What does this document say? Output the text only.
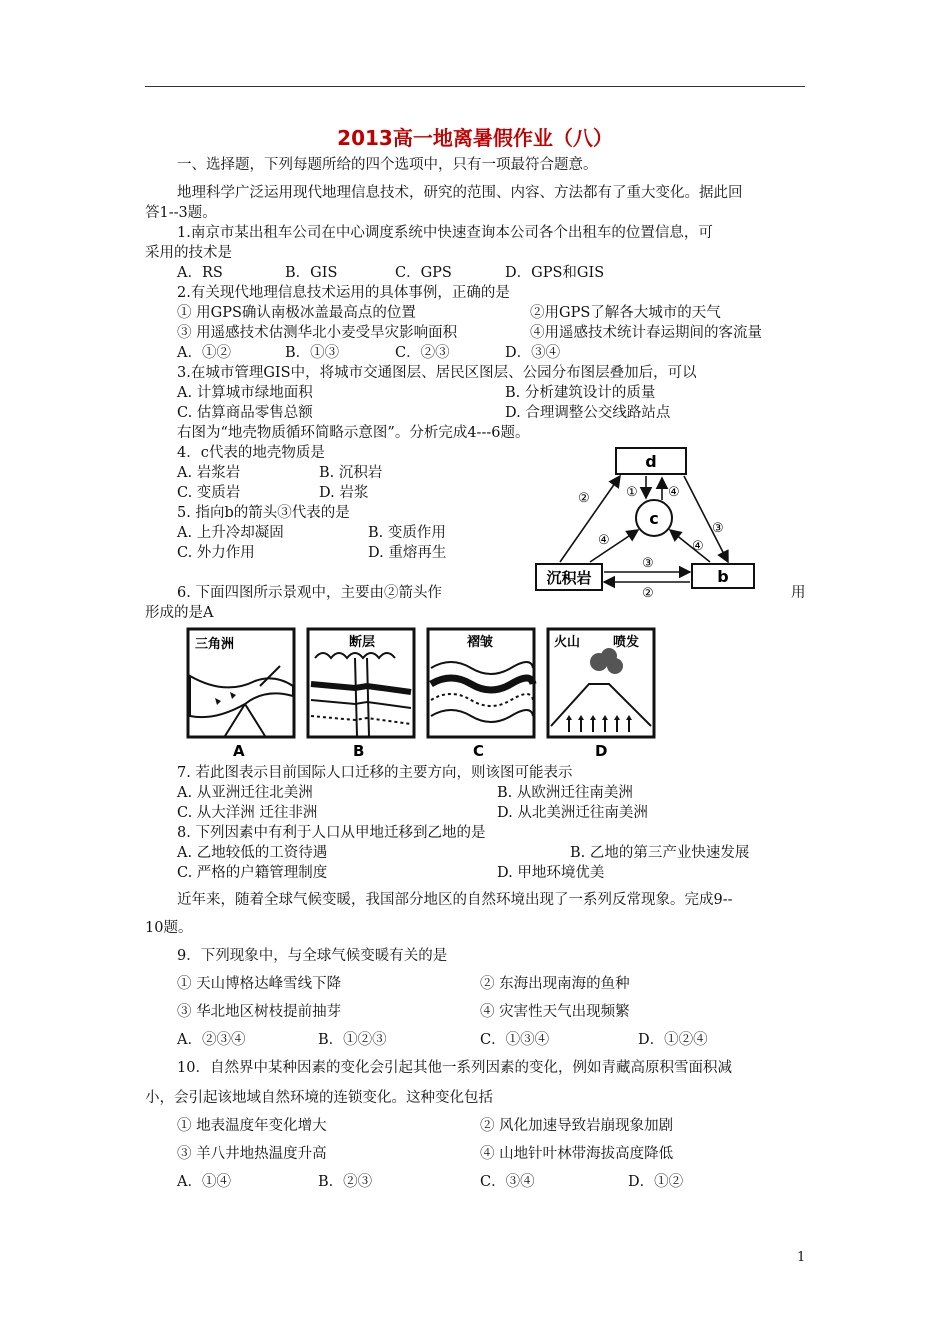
2013高一地离暑假作业（八）
一、选择题，下列每题所给的四个选项中，只有一项最符合题意。
地理科学广泛运用现代地理信息技术，研究的范围、内容、方法都有了重大变化。据此回
答1--3题。
1.南京市某出租车公司在中心调度系统中快速查询本公司各个出租车的位置信息，可
采用的技术是
A．RS	B．GIS	C．GPS	D．GPS和GIS
2.有关现代地理信息技术运用的具体事例，正确的是
① 用GPS确认南极冰盖最高点的位置	②用GPS了解各大城市的天气
③ 用遥感技术估测华北小麦受旱灾影响面积	④用遥感技术统计春运期间的客流量
A．①②	B．①③	C．②③	D．③④
3.在城市管理GIS中，将城市交通图层、居民区图层、公园分布图层叠加后，可以
A. 计算城市绿地面积	B. 分析建筑设计的质量
C. 估算商品零售总额	D. 合理调整公交线路站点
右图为“地壳物质循环简略示意图”。分析完成4---6题。
4．c代表的地壳物质是
A. 岩浆岩	B. 沉积岩
C. 变质岩	D. 岩浆
5. 指向b的箭头③代表的是
A. 上升冷却凝固	B. 变质作用
C. 外力作用	D. 重熔再生
6. 下面四图所示景观中，主要由②箭头作	用
形成的是A
7. 若此图表示目前国际人口迁移的主要方向，则该图可能表示
A. 从亚洲迁往北美洲	B. 从欧洲迁往南美洲
C. 从大洋洲 迁往非洲	D. 从北美洲迁往南美洲
8. 下列因素中有利于人口从甲地迁移到乙地的是
A. 乙地较低的工资待遇	B. 乙地的第三产业快速发展
C. 严格的户籍管理制度	D. 甲地环境优美
近年来，随着全球气候变暖，我国部分地区的自然环境出现了一系列反常现象。完成9--
10题。
9．下列现象中，与全球气候变暖有关的是
① 天山博格达峰雪线下降	② 东海出现南海的鱼种
③ 华北地区树枝提前抽芽	④ 灾害性天气出现频繁
A．②③④	B．①②③	C．①③④	D．①②④
10．自然界中某种因素的变化会引起其他一系列因素的变化，例如青藏高原积雪面积减
小，会引起该地域自然环境的连锁变化。这种变化包括
① 地表温度年变化增大	② 风化加速导致岩崩现象加剧
③ 羊八井地热温度升高	④ 山地针叶林带海拔高度降低
A．①④	B．②③	C．③④	D．①②
d
c
b
沉积岩
②	① ④
③
④	④
③
②
三角洲
A
断层
B
褶皱
C
火山	喷发
D
1
